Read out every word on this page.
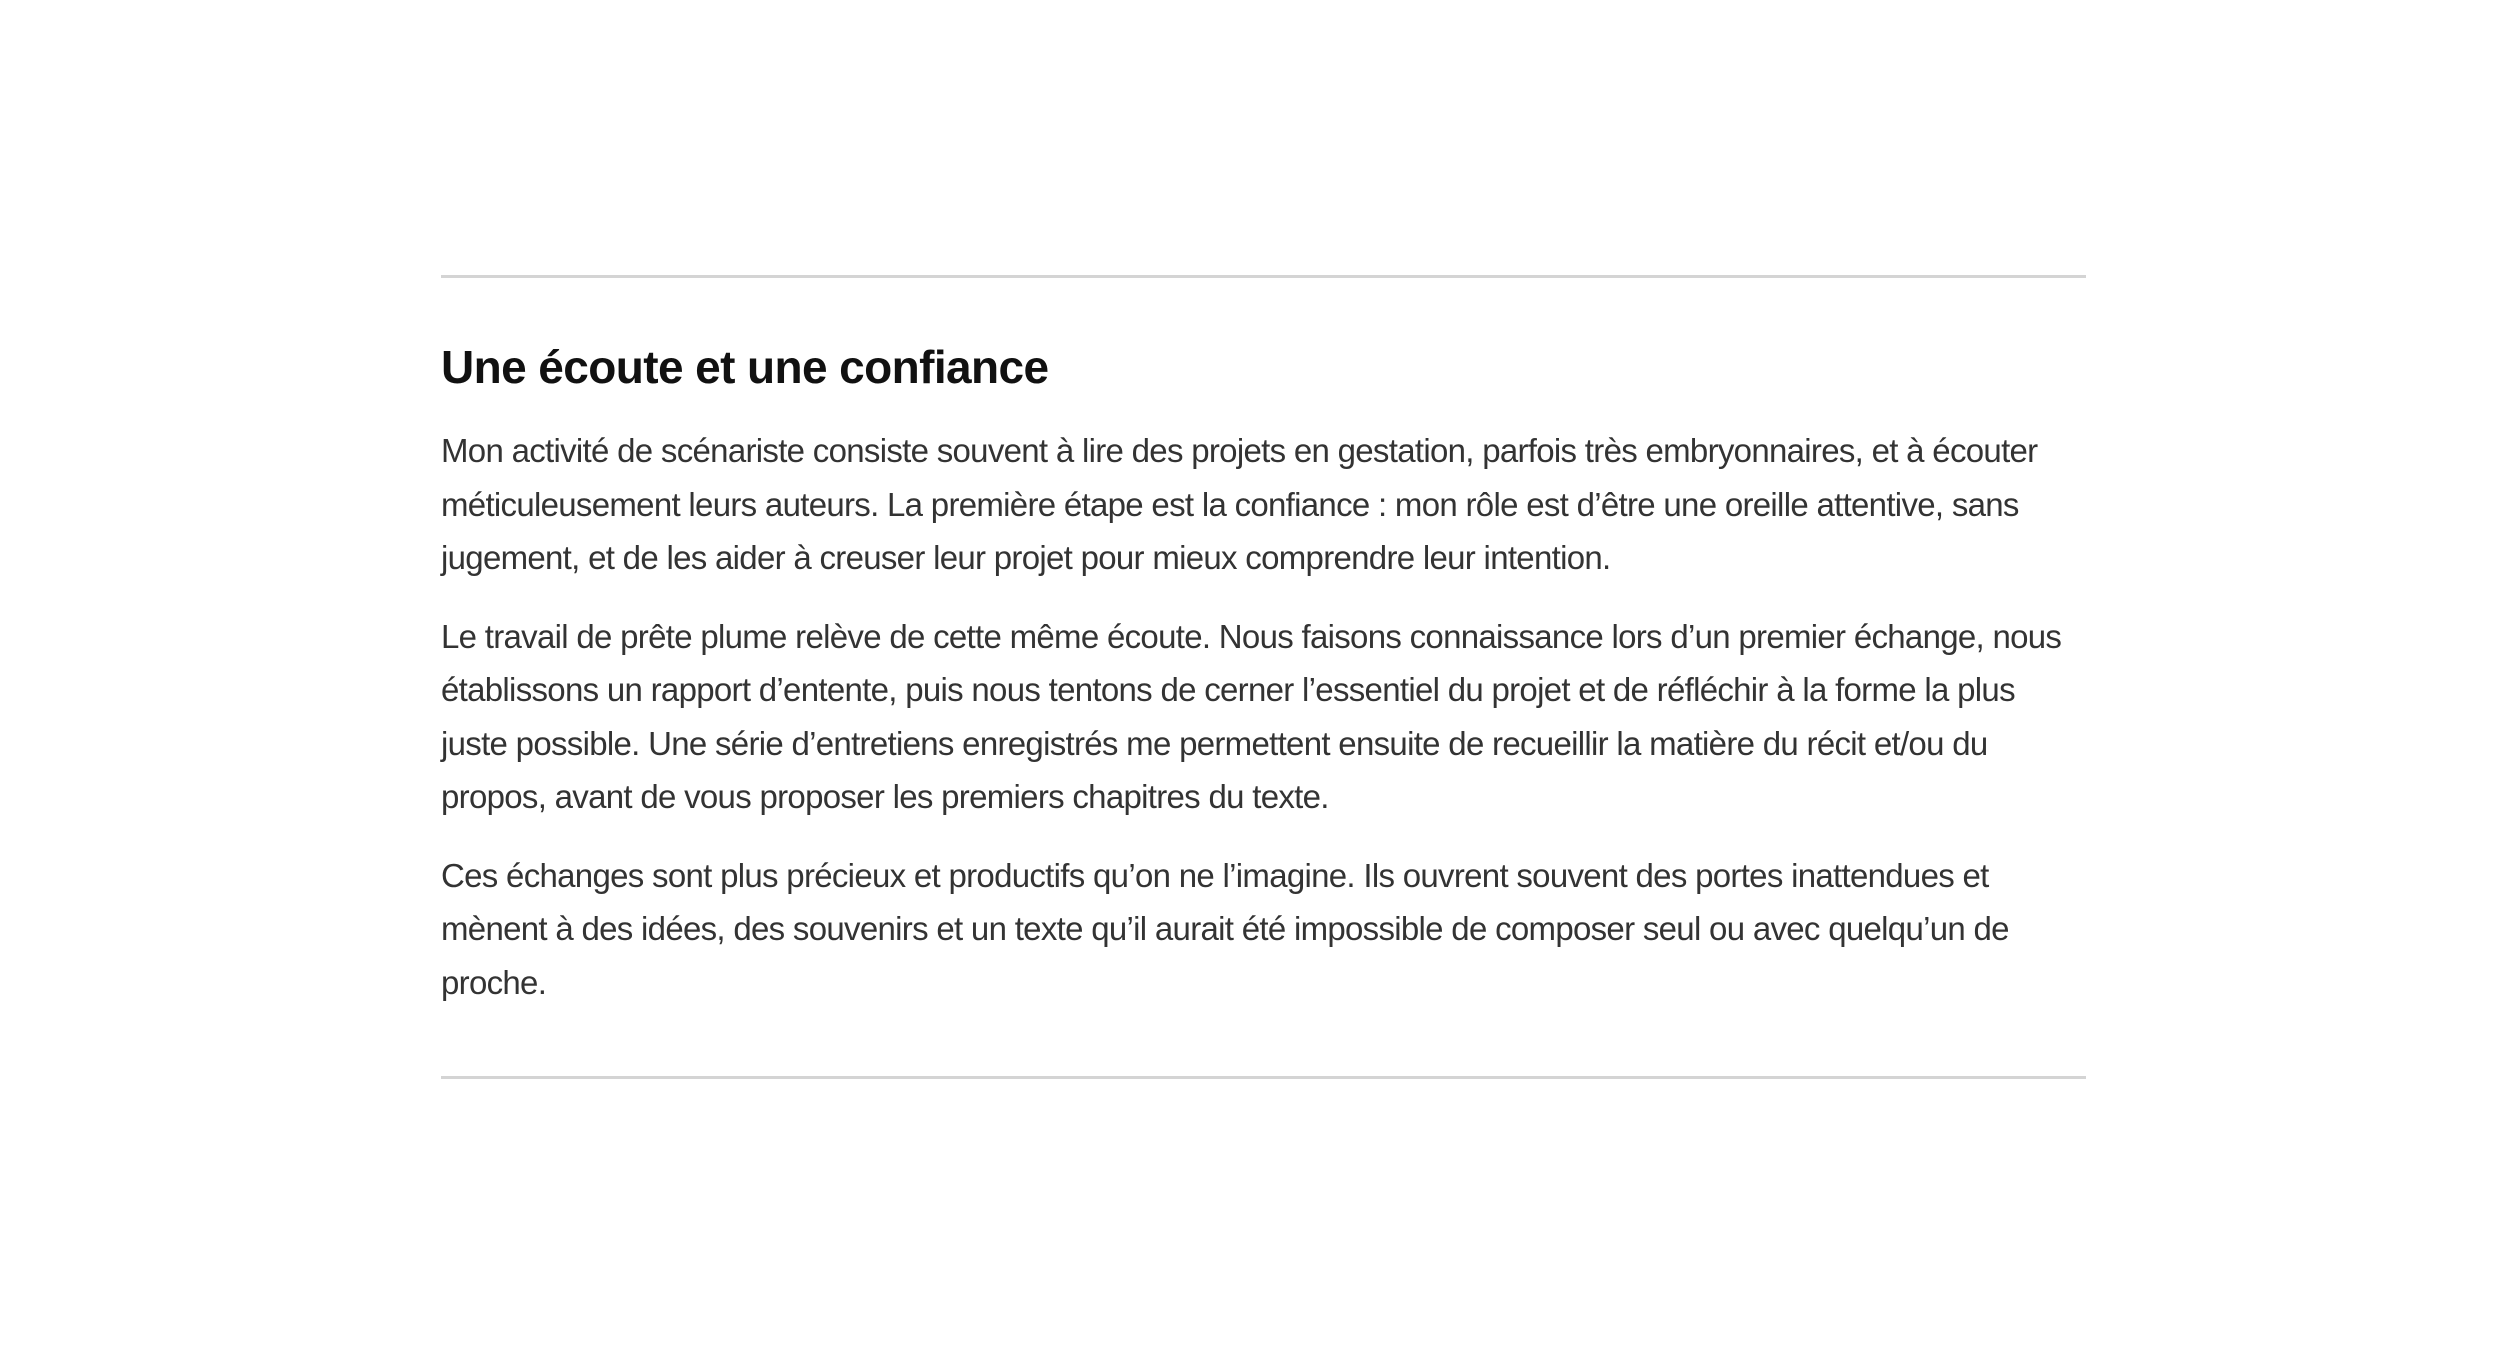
Une écoute et une confiance

Mon activité de scénariste consiste souvent à lire des projets en gestation, parfois très embryonnaires, et à écouter méticuleusement leurs auteurs. La première étape est la confiance : mon rôle est d’être une oreille attentive, sans jugement, et de les aider à creuser leur projet pour mieux comprendre leur intention.

Le travail de prête plume relève de cette même écoute. Nous faisons connaissance lors d’un premier échange, nous établissons un rapport d’entente, puis nous tentons de cerner l’essentiel du projet et de réfléchir à la forme la plus juste possible. Une série d’entretiens enregistrés me permettent ensuite de recueillir la matière du récit et/ou du propos, avant de vous proposer les premiers chapitres du texte.

Ces échanges sont plus précieux et productifs qu’on ne l’imagine. Ils ouvrent souvent des portes inattendues et mènent à des idées, des souvenirs et un texte qu’il aurait été impossible de composer seul ou avec quelqu’un de proche.
